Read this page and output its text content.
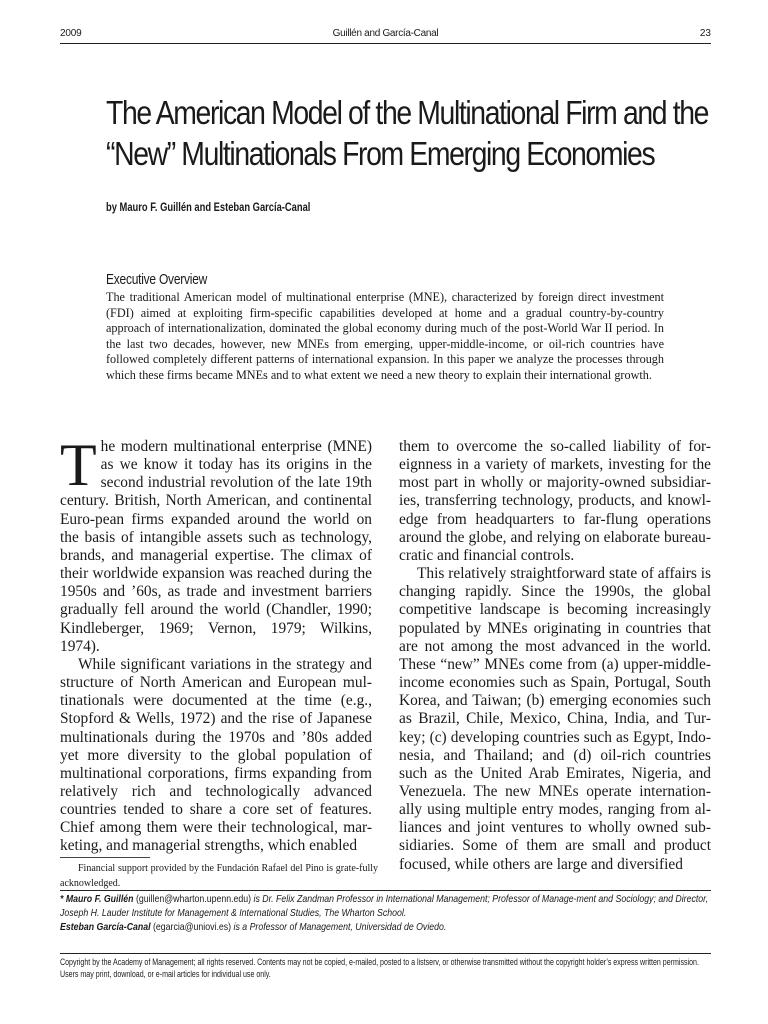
2009	Guillén and García-Canal	23
The American Model of the Multinational Firm and the “New” Multinationals From Emerging Economies
by Mauro F. Guillén and Esteban García-Canal
Executive Overview
The traditional American model of multinational enterprise (MNE), characterized by foreign direct investment (FDI) aimed at exploiting firm-specific capabilities developed at home and a gradual country-by-country approach of internationalization, dominated the global economy during much of the post-World War II period. In the last two decades, however, new MNEs from emerging, upper-middle-income, or oil-rich countries have followed completely different patterns of international expansion. In this paper we analyze the processes through which these firms became MNEs and to what extent we need a new theory to explain their international growth.

The modern multinational enterprise (MNE) as we know it today has its origins in the second industrial revolution of the late 19th century. British, North American, and continental Euro-pean firms expanded around the world on the basis of intangible assets such as technology, brands, and managerial expertise. The climax of their worldwide expansion was reached during the 1950s and ’60s, as trade and investment barriers gradually fell around the world (Chandler, 1990; Kindleberger, 1969; Vernon, 1979; Wilkins, 1974).

While significant variations in the strategy and structure of North American and European mul-tinationals were documented at the time (e.g., Stopford & Wells, 1972) and the rise of Japanese multinationals during the 1970s and ’80s added yet more diversity to the global population of multinational corporations, firms expanding from relatively rich and technologically advanced countries tended to share a core set of features. Chief among them were their technological, mar-keting, and managerial strengths, which enabled

them to overcome the so-called liability of for-eignness in a variety of markets, investing for the most part in wholly or majority-owned subsidiar-ies, transferring technology, products, and knowl-edge from headquarters to far-flung operations around the globe, and relying on elaborate bureau-cratic and financial controls.

This relatively straightforward state of affairs is changing rapidly. Since the 1990s, the global competitive landscape is becoming increasingly populated by MNEs originating in countries that are not among the most advanced in the world. These “new” MNEs come from (a) upper-middle-income economies such as Spain, Portugal, South Korea, and Taiwan; (b) emerging economies such as Brazil, Chile, Mexico, China, India, and Tur-key; (c) developing countries such as Egypt, Indo-nesia, and Thailand; and (d) oil-rich countries such as the United Arab Emirates, Nigeria, and Venezuela. The new MNEs operate internation-ally using multiple entry modes, ranging from al-liances and joint ventures to wholly owned sub-sidiaries. Some of them are small and product focused, while others are large and diversified

Financial support provided by the Fundación Rafael del Pino is grate-fully acknowledged.
* Mauro F. Guillén (guillen@wharton.upenn.edu) is Dr. Felix Zandman Professor in International Management; Professor of Manage-ment and Sociology; and Director, Joseph H. Lauder Institute for Management & International Studies, The Wharton School.
Esteban García-Canal (egarcia@uniovi.es) is a Professor of Management, Universidad de Oviedo.
Copyright by the Academy of Management; all rights reserved. Contents may not be copied, e-mailed, posted to a listserv, or otherwise transmitted without the copyright holder’s express written permission. Users may print, download, or e-mail articles for individual use only.
